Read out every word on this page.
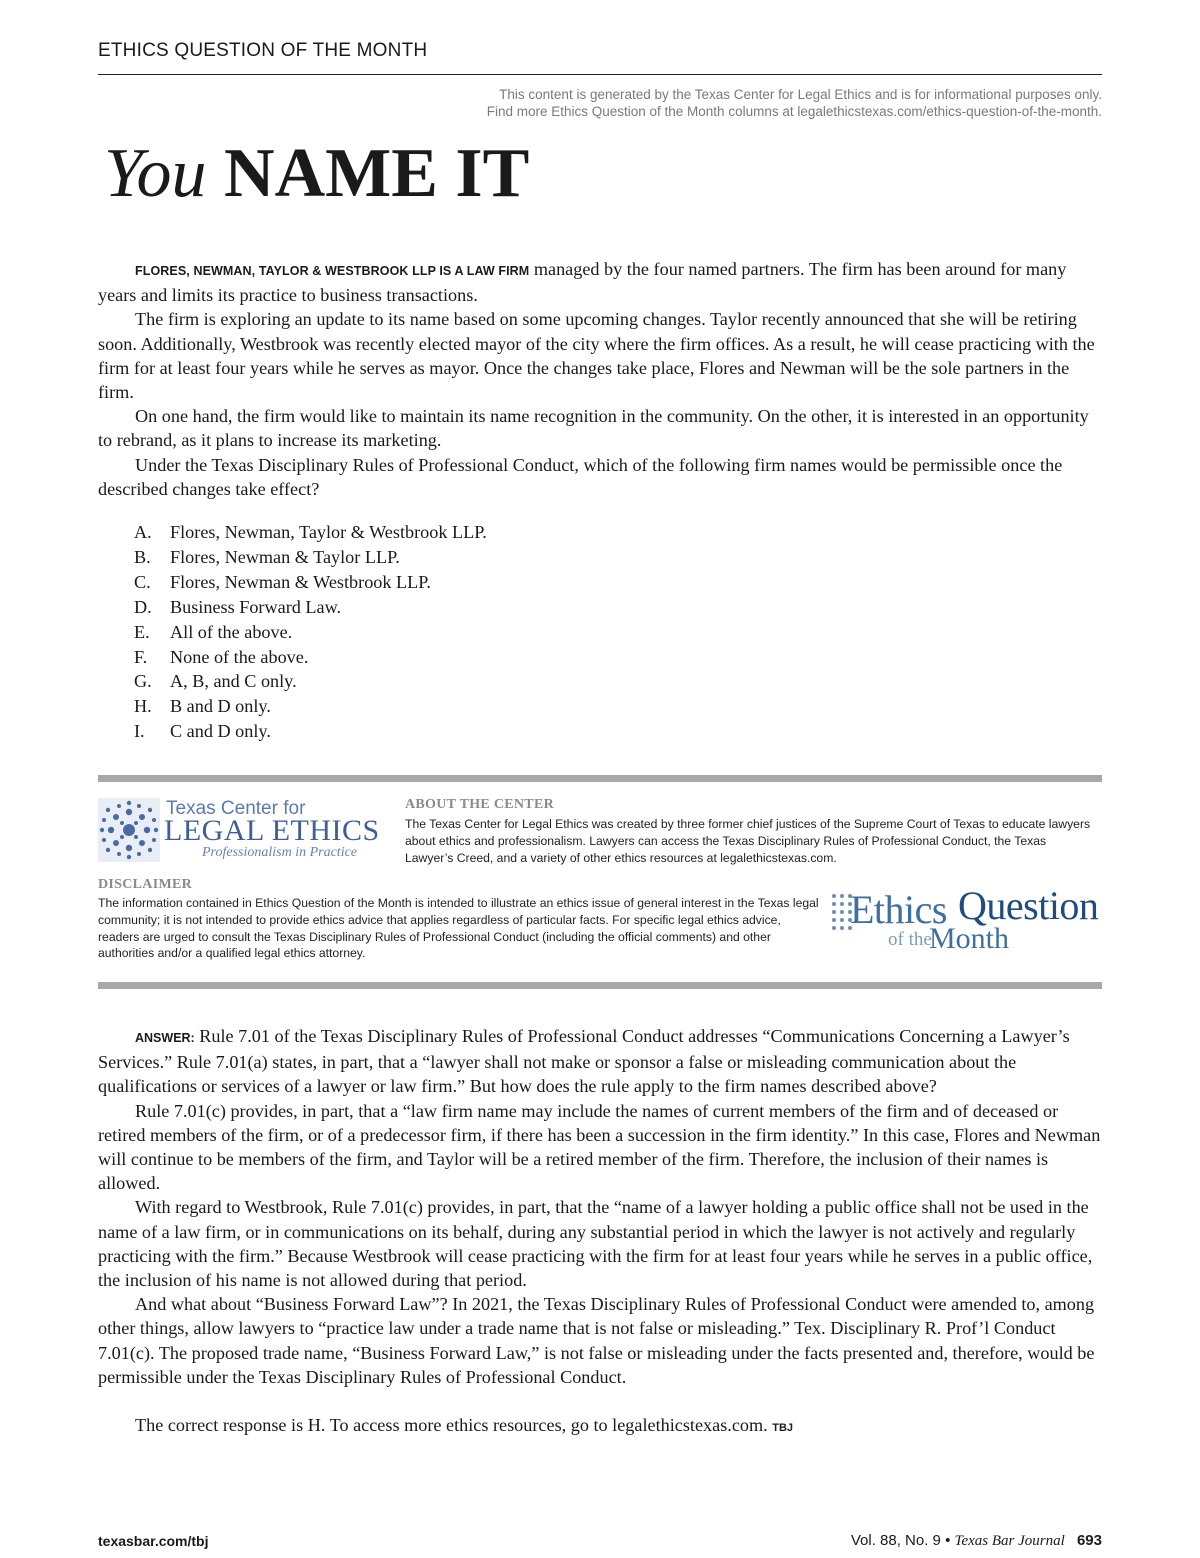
ETHICS QUESTION OF THE MONTH
This content is generated by the Texas Center for Legal Ethics and is for informational purposes only.
Find more Ethics Question of the Month columns at legalethicstexas.com/ethics-question-of-the-month.
You NAME IT

FLORES, NEWMAN, TAYLOR & WESTBROOK LLP IS A LAW FIRM managed by the four named partners. The firm has been around for many years and limits its practice to business transactions.

The firm is exploring an update to its name based on some upcoming changes. Taylor recently announced that she will be retiring soon. Additionally, Westbrook was recently elected mayor of the city where the firm offices. As a result, he will cease practicing with the firm for at least four years while he serves as mayor. Once the changes take place, Flores and Newman will be the sole partners in the firm.

On one hand, the firm would like to maintain its name recognition in the community. On the other, it is interested in an opportunity to rebrand, as it plans to increase its marketing.

Under the Texas Disciplinary Rules of Professional Conduct, which of the following firm names would be permissible once the described changes take effect?

A.	Flores, Newman, Taylor & Westbrook LLP.
B.	Flores, Newman & Taylor LLP.
C.	Flores, Newman & Westbrook LLP.
D.	Business Forward Law.
E.	All of the above.
F.	None of the above.
G.	A, B, and C only.
H.	B and D only.
I.	C and D only.
Texas Center for
LEGAL ETHICS
Professionalism in Practice
ABOUT THE CENTER
The Texas Center for Legal Ethics was created by three former chief justices of the Supreme Court of Texas to educate lawyers about ethics and professionalism. Lawyers can access the Texas Disciplinary Rules of Professional Conduct, the Texas Lawyer’s Creed, and a variety of other ethics resources at legalethicstexas.com.
DISCLAIMER
The information contained in Ethics Question of the Month is intended to illustrate an ethics issue of general interest in the Texas legal community; it is not intended to provide ethics advice that applies regardless of particular facts. For specific legal ethics advice, readers are urged to consult the Texas Disciplinary Rules of Professional Conduct (including the official comments) and other authorities and/or a qualified legal ethics attorney.
Ethics Question
of the
Month

ANSWER: Rule 7.01 of the Texas Disciplinary Rules of Professional Conduct addresses “Communications Concerning a Lawyer’s Services.” Rule 7.01(a) states, in part, that a “lawyer shall not make or sponsor a false or misleading communication about the qualifications or services of a lawyer or law firm.” But how does the rule apply to the firm names described above?

Rule 7.01(c) provides, in part, that a “law firm name may include the names of current members of the firm and of deceased or retired members of the firm, or of a predecessor firm, if there has been a succession in the firm identity.” In this case, Flores and Newman will continue to be members of the firm, and Taylor will be a retired member of the firm. Therefore, the inclusion of their names is allowed.

With regard to Westbrook, Rule 7.01(c) provides, in part, that the “name of a lawyer holding a public office shall not be used in the name of a law firm, or in communications on its behalf, during any substantial period in which the lawyer is not actively and regularly practicing with the firm.” Because Westbrook will cease practicing with the firm for at least four years while he serves in a public office, the inclusion of his name is not allowed during that period.

And what about “Business Forward Law”? In 2021, the Texas Disciplinary Rules of Professional Conduct were amended to, among other things, allow lawyers to “practice law under a trade name that is not false or misleading.” Tex. Disciplinary R. Prof’l Conduct 7.01(c). The proposed trade name, “Business Forward Law,” is not false or misleading under the facts presented and, therefore, would be permissible under the Texas Disciplinary Rules of Professional Conduct.

The correct response is H. To access more ethics resources, go to legalethicstexas.com. TBJ

texasbar.com/tbj	Vol. 88, No. 9 • Texas Bar Journal 693
